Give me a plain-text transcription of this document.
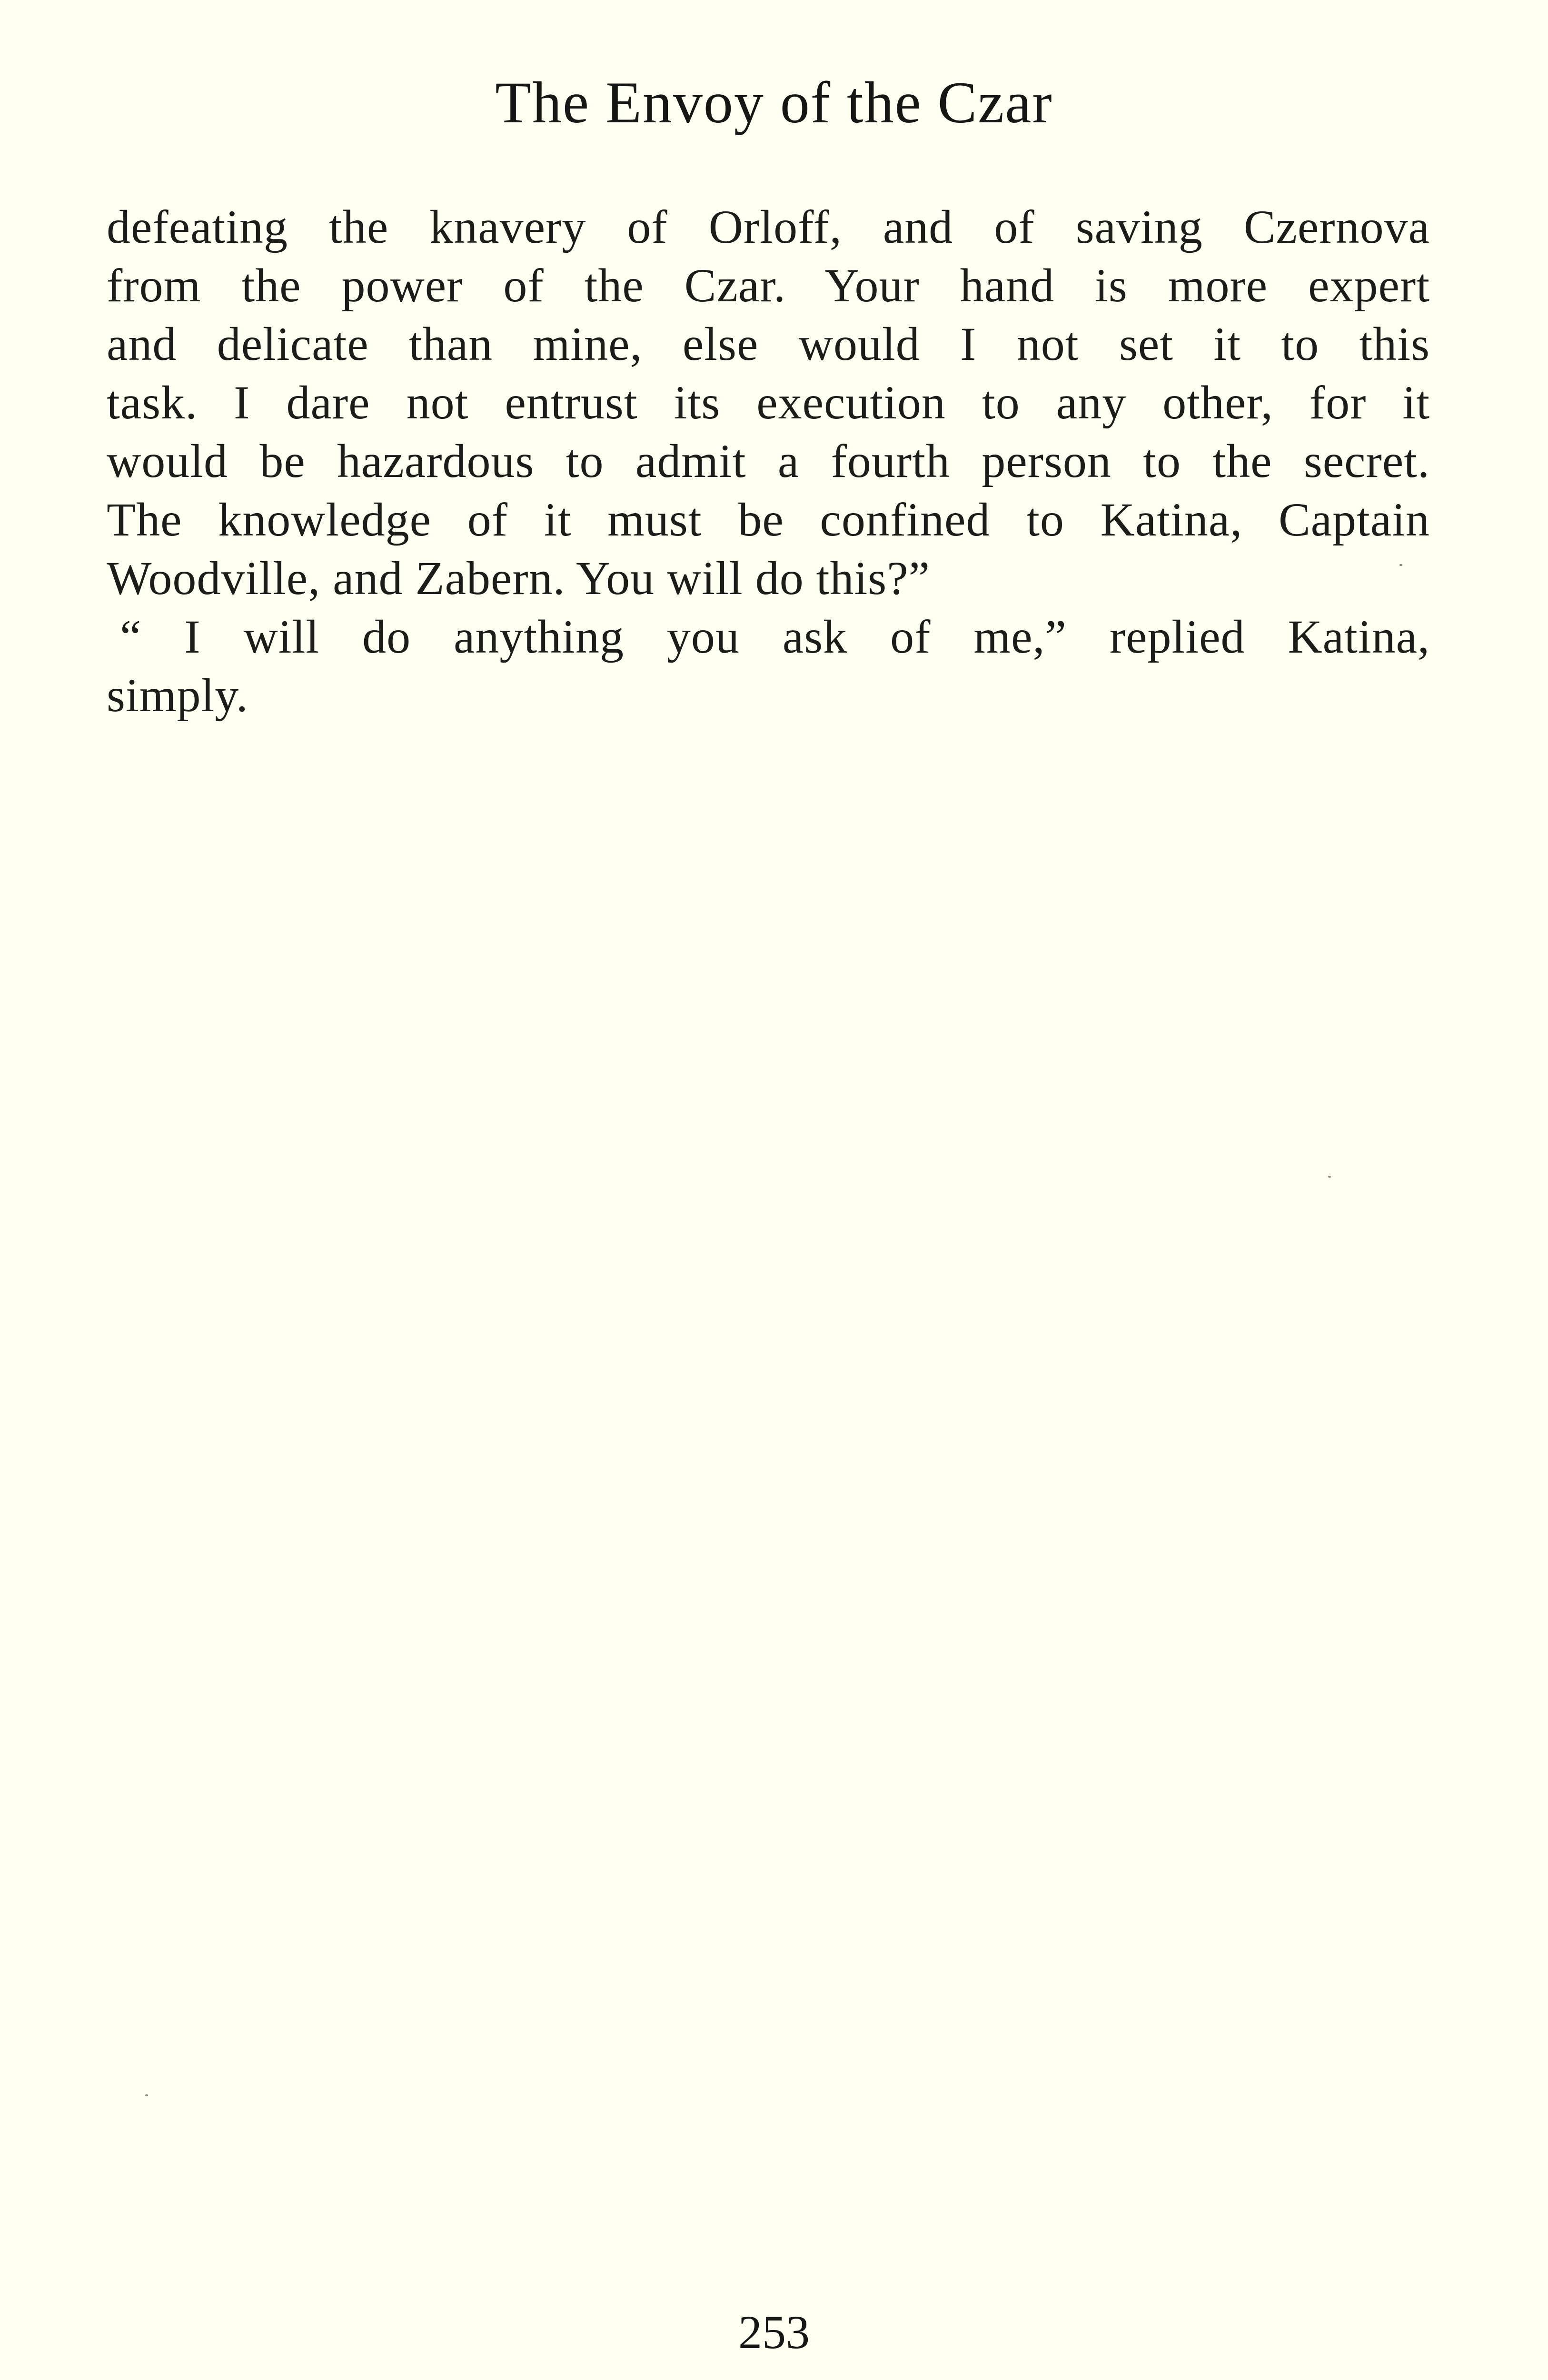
The Envoy of the Czar
defeating the knavery of Orloff, and of saving Czernova
from the power of the Czar. Your hand is more expert
and delicate than mine, else would I not set it to this
task. I dare not entrust its execution to any other, for it
would be hazardous to admit a fourth person to the secret.
The knowledge of it must be confined to Katina, Captain
Woodville, and Zabern. You will do this?”
“ I will do anything you ask of me,” replied Katina,
simply.
253
